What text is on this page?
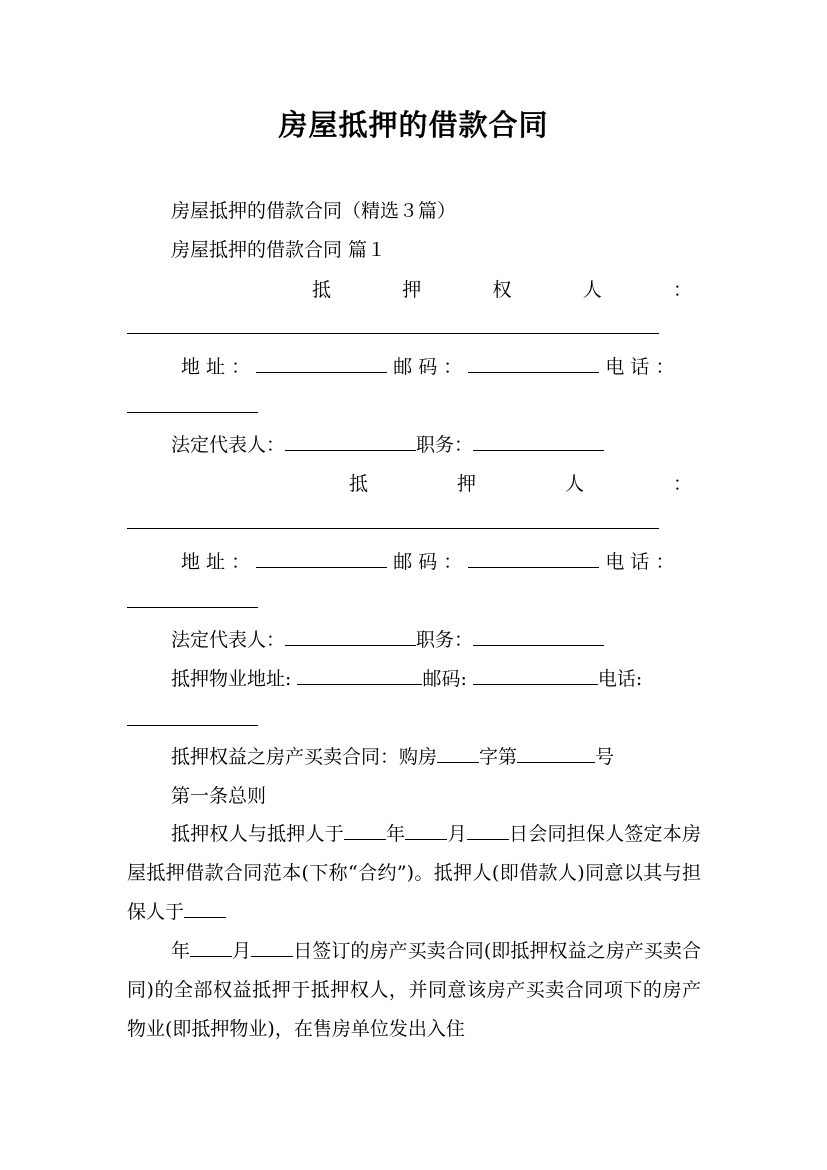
房屋抵押的借款合同
房屋抵押的借款合同（精选３篇）
房屋抵押的借款合同 篇１
抵	押	权	人	：
地 址 ：	邮 码 ：	电 话 ：
法定代表人：	职务：
抵	押	人	：
地 址 ：	邮 码 ：	电 话 ：
法定代表人：	职务：
抵押物业地址:	邮码:	电话:
抵押权益之房产买卖合同：购房 字第	号
第一条总则
抵押权人与抵押人于 年 月 日会同担保人签定本房屋抵押借款合同范本(下称“合约”)。抵押人(即借款人)同意以其与担保人于
年 月 日签订的房产买卖合同(即抵押权益之房产买卖合同)的全部权益抵押于抵押权人，并同意该房产买卖合同项下的房产物业(即抵押物业)，在售房单位发出入住
